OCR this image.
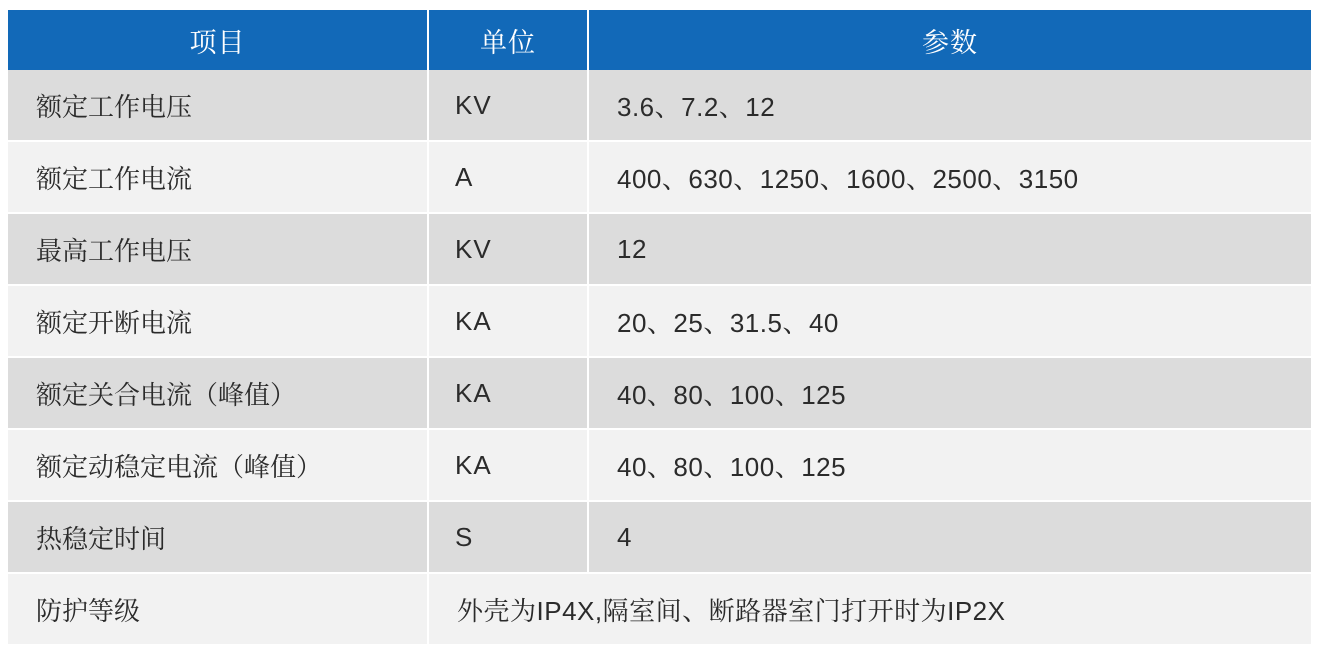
项目	单位	参数
额定工作电压	KV	3.6、7.2、12
额定工作电流	A	400、630、1250、1600、2500、3150
最高工作电压	KV	12
额定开断电流	KA	20、25、31.5、40
额定关合电流（峰值）	KA	40、80、100、125
额定动稳定电流（峰值）	KA	40、80、100、125
热稳定时间	S	4
防护等级	外壳为IP4X,隔室间、断路器室门打开时为IP2X	
